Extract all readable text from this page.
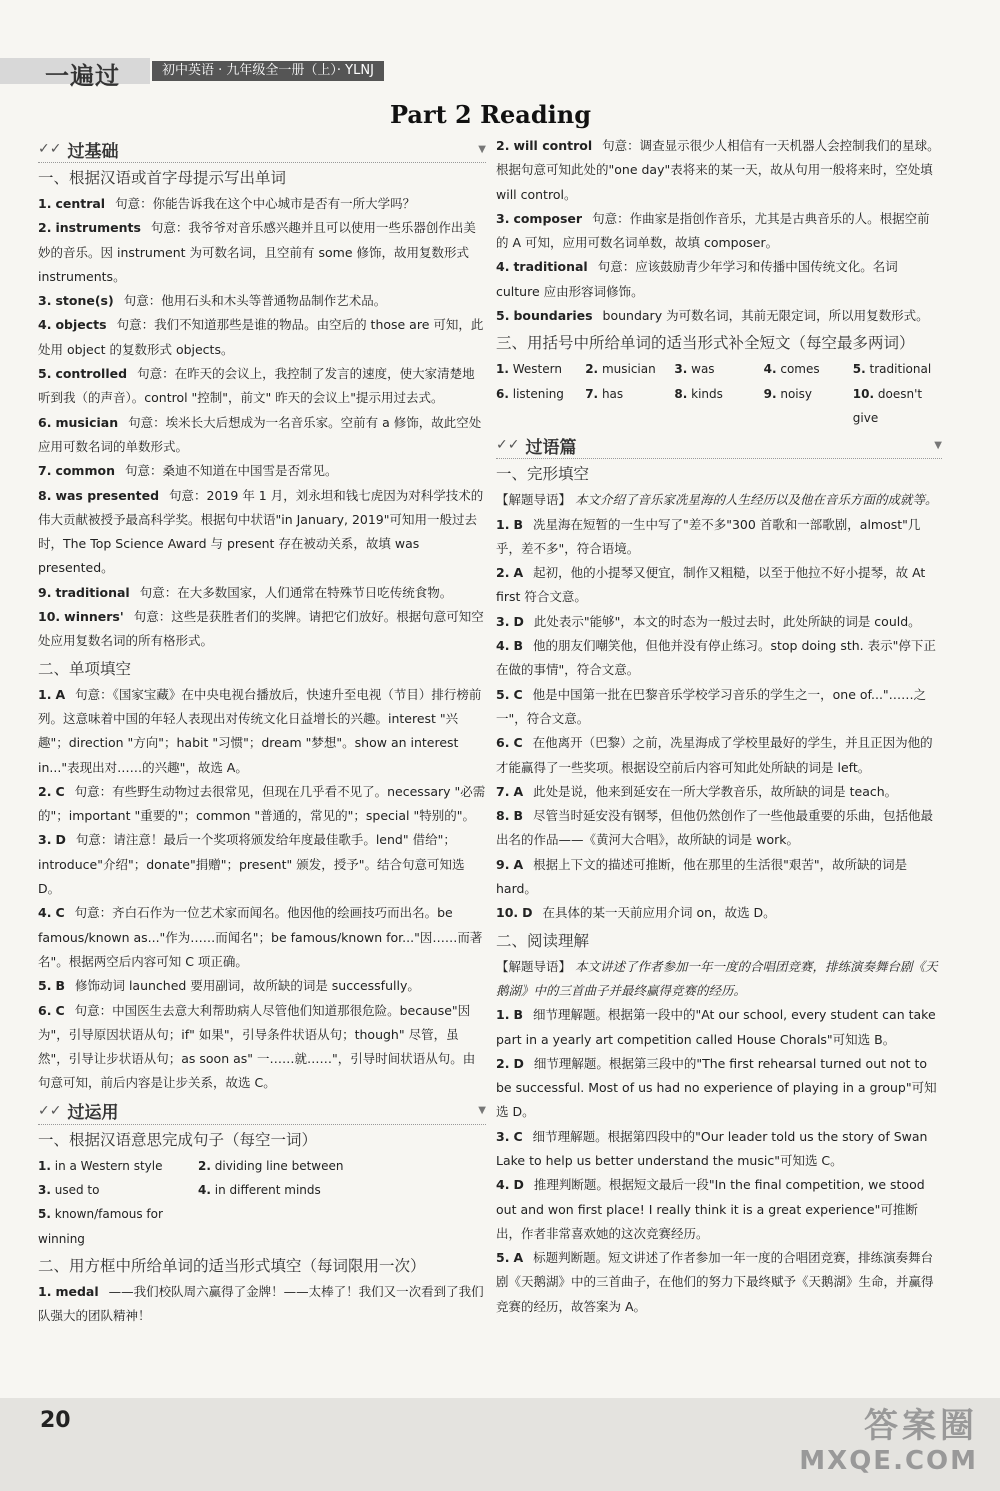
一遍过	初中英语 · 九年级全一册（上）· YLNJ
Part 2 Reading
✓✓ 过基础	▼
一、根据汉语或首字母提示写出单词

1. central 句意：你能告诉我在这个中心城市是否有一所大学吗？

2. instruments 句意：我爷爷对音乐感兴趣并且可以使用一些乐器创作出美妙的音乐。因 instrument 为可数名词，且空前有 some 修饰，故用复数形式 instruments。

3. stone(s) 句意：他用石头和木头等普通物品制作艺术品。

4. objects 句意：我们不知道那些是谁的物品。由空后的 those are 可知，此处用 object 的复数形式 objects。

5. controlled 句意：在昨天的会议上，我控制了发言的速度，使大家清楚地听到我（的声音）。control "控制"，前文" 昨天的会议上"提示用过去式。

6. musician 句意：埃米长大后想成为一名音乐家。空前有 a 修饰，故此空处应用可数名词的单数形式。

7. common 句意：桑迪不知道在中国雪是否常见。

8. was presented 句意：2019 年 1 月，刘永坦和钱七虎因为对科学技术的伟大贡献被授予最高科学奖。根据句中状语"in January, 2019"可知用一般过去时，The Top Science Award 与 present 存在被动关系，故填 was presented。

9. traditional 句意：在大多数国家，人们通常在特殊节日吃传统食物。

10. winners' 句意：这些是获胜者们的奖牌。请把它们放好。根据句意可知空处应用复数名词的所有格形式。

二、单项填空

1. A 句意：《国家宝藏》在中央电视台播放后，快速升至电视（节目）排行榜前列。这意味着中国的年轻人表现出对传统文化日益增长的兴趣。interest "兴趣"；direction "方向"；habit "习惯"；dream "梦想"。show an interest in..."表现出对……的兴趣"，故选 A。

2. C 句意：有些野生动物过去很常见，但现在几乎看不见了。necessary "必需的"；important "重要的"；common "普通的，常见的"；special "特别的"。

3. D 句意：请注意！最后一个奖项将颁发给年度最佳歌手。lend" 借给"；introduce"介绍"；donate"捐赠"；present" 颁发，授予"。结合句意可知选 D。

4. C 句意：齐白石作为一位艺术家而闻名。他因他的绘画技巧而出名。be famous/known as..."作为……而闻名"；be famous/known for..."因……而著名"。根据两空后内容可知 C 项正确。

5. B 修饰动词 launched 要用副词，故所缺的词是 successfully。

6. C 句意：中国医生去意大利帮助病人尽管他们知道那很危险。because"因为"，引导原因状语从句；if" 如果"，引导条件状语从句；though" 尽管，虽然"，引导让步状语从句；as soon as" 一……就……"，引导时间状语从句。由句意可知，前后内容是让步关系，故选 C。

✓✓ 过运用	▼
一、根据汉语意思完成句子（每空一词）
1. in a Western style	2. dividing line between
3. used to	4. in different minds
5. known/famous for winning
二、用方框中所给单词的适当形式填空（每词限用一次）

1. medal ——我们校队周六赢得了金牌！——太棒了！我们又一次看到了我们队强大的团队精神！

2. will control 句意：调查显示很少人相信有一天机器人会控制我们的星球。根据句意可知此处的"one day"表将来的某一天，故从句用一般将来时，空处填 will control。

3. composer 句意：作曲家是指创作音乐，尤其是古典音乐的人。根据空前的 A 可知，应用可数名词单数，故填 composer。

4. traditional 句意：应该鼓励青少年学习和传播中国传统文化。名词 culture 应由形容词修饰。

5. boundaries boundary 为可数名词，其前无限定词，所以用复数形式。

三、用括号中所给单词的适当形式补全短文（每空最多两词）
1. Western	2. musician	3. was	4. comes	5. traditional
6. listening	7. has	8. kinds	9. noisy	10. doesn't give
✓✓ 过语篇	▼
一、完形填空
【解题导语】 本文介绍了音乐家冼星海的人生经历以及他在音乐方面的成就等。

1. B 冼星海在短暂的一生中写了"差不多"300 首歌和一部歌剧，almost"几乎，差不多"，符合语境。

2. A 起初，他的小提琴又便宜，制作又粗糙，以至于他拉不好小提琴，故 At first 符合文意。

3. D 此处表示"能够"，本文的时态为一般过去时，此处所缺的词是 could。

4. B 他的朋友们嘲笑他，但他并没有停止练习。stop doing sth. 表示"停下正在做的事情"，符合文意。

5. C 他是中国第一批在巴黎音乐学校学习音乐的学生之一，one of..."……之一"，符合文意。

6. C 在他离开（巴黎）之前，冼星海成了学校里最好的学生，并且正因为他的才能赢得了一些奖项。根据设空前后内容可知此处所缺的词是 left。

7. A 此处是说，他来到延安在一所大学教音乐，故所缺的词是 teach。

8. B 尽管当时延安没有钢琴，但他仍然创作了一些他最重要的乐曲，包括他最出名的作品——《黄河大合唱》，故所缺的词是 work。

9. A 根据上下文的描述可推断，他在那里的生活很"艰苦"，故所缺的词是 hard。

10. D 在具体的某一天前应用介词 on，故选 D。

二、阅读理解
【解题导语】 本文讲述了作者参加一年一度的合唱团竞赛，排练演奏舞台剧《天鹅湖》中的三首曲子并最终赢得竞赛的经历。

1. B 细节理解题。根据第一段中的"At our school, every student can take part in a yearly art competition called House Chorals"可知选 B。

2. D 细节理解题。根据第三段中的"The first rehearsal turned out not to be successful. Most of us had no experience of playing in a group"可知选 D。

3. C 细节理解题。根据第四段中的"Our leader told us the story of Swan Lake to help us better understand the music"可知选 C。

4. D 推理判断题。根据短文最后一段"In the final competition, we stood out and won first place! I really think it is a great experience"可推断出，作者非常喜欢她的这次竞赛经历。

5. A 标题判断题。短文讲述了作者参加一年一度的合唱团竞赛，排练演奏舞台剧《天鹅湖》中的三首曲子，在他们的努力下最终赋予《天鹅湖》生命，并赢得竞赛的经历，故答案为 A。

20	答案圈
MXQE.COM
